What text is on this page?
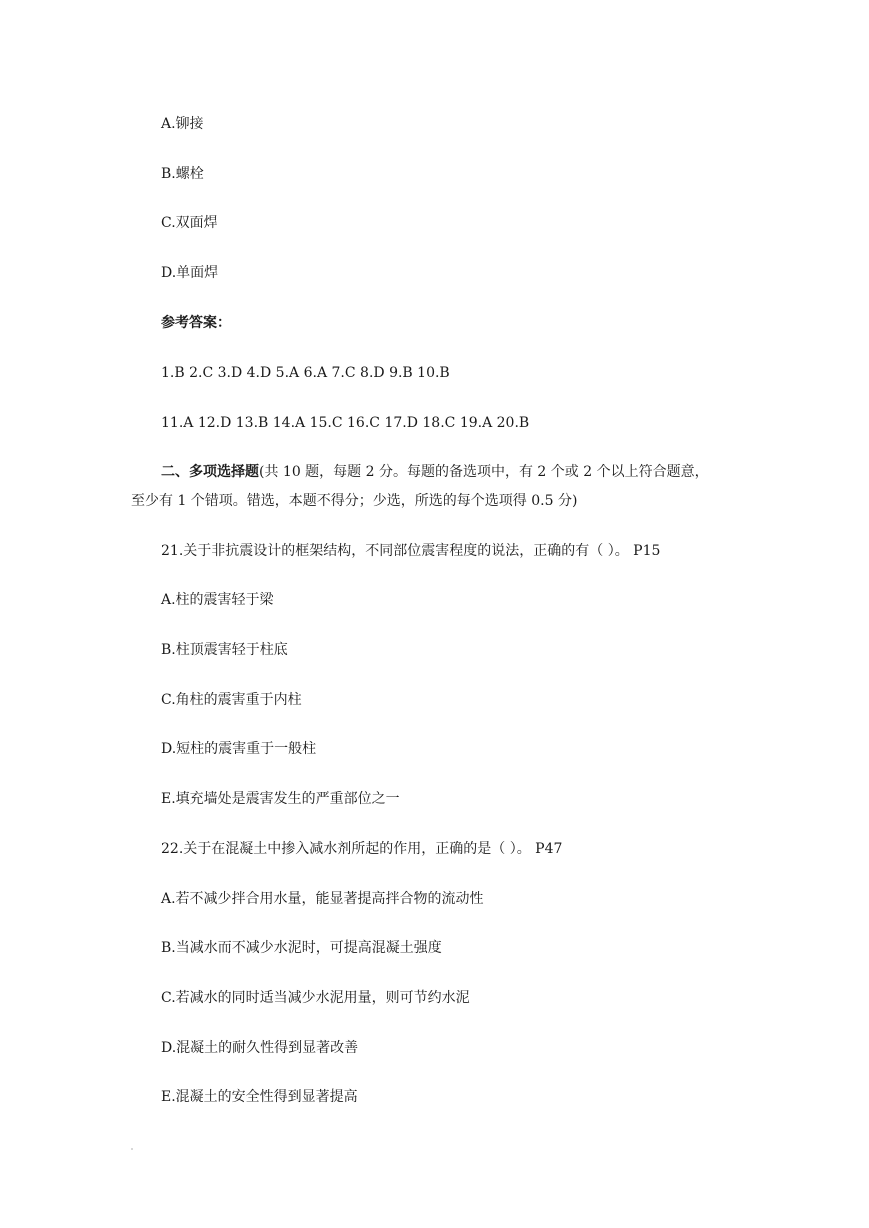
A.铆接
B.螺栓
C.双面焊
D.单面焊
参考答案：
1.B 2.C 3.D 4.D 5.A 6.A 7.C 8.D 9.B 10.B
11.A 12.D 13.B 14.A 15.C 16.C 17.D 18.C 19.A 20.B
二、多项选择题(共 10 题，每题 2 分。每题的备选项中，有 2 个或 2 个以上符合题意，
至少有 1 个错项。错选，本题不得分；少选，所选的每个选项得 0.5 分)
21.关于非抗震设计的框架结构，不同部位震害程度的说法，正确的有（ ）。 P15
A.柱的震害轻于梁
B.柱顶震害轻于柱底
C.角柱的震害重于内柱
D.短柱的震害重于一般柱
E.填充墙处是震害发生的严重部位之一
22.关于在混凝土中掺入减水剂所起的作用，正确的是（ ）。 P47
A.若不减少拌合用水量，能显著提高拌合物的流动性
B.当减水而不减少水泥时，可提高混凝土强度
C.若减水的同时适当减少水泥用量，则可节约水泥
D.混凝土的耐久性得到显著改善
E.混凝土的安全性得到显著提高
